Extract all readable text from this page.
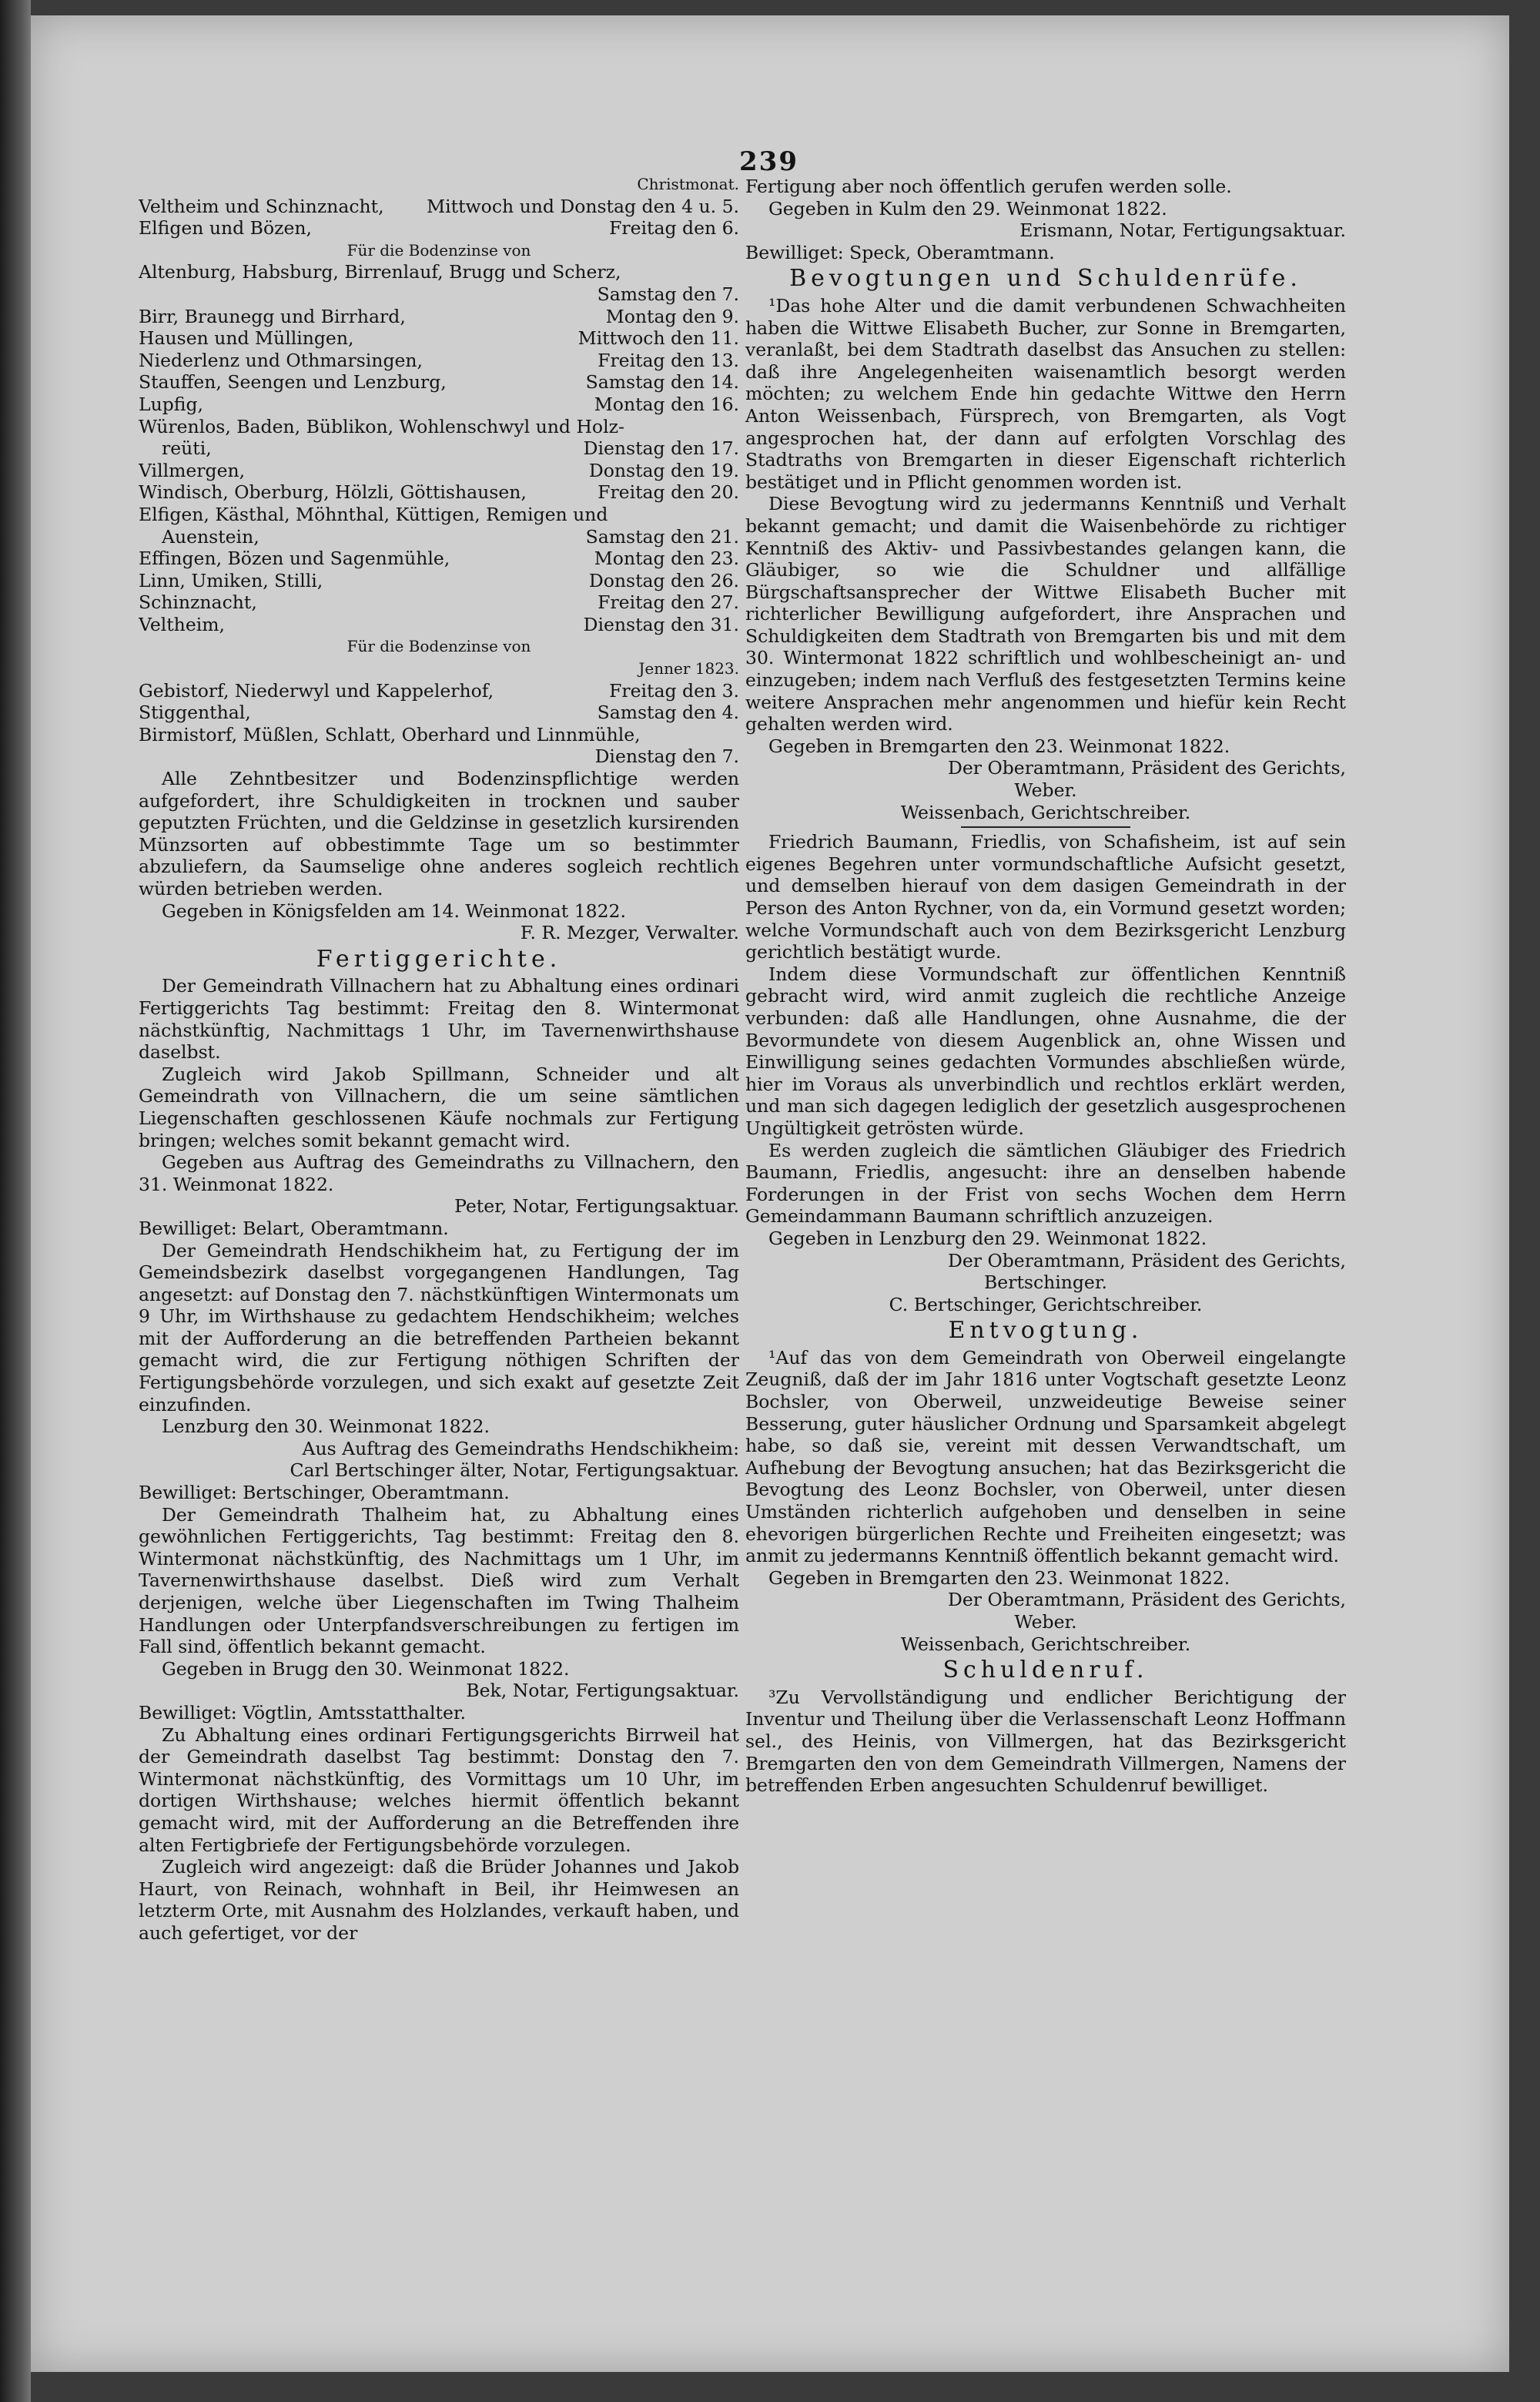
239
Christmonat.
Veltheim und Schinznacht, Mittwoch und Donstag den 4 u. 5.
Elfigen und Bözen,	Freitag den 6.
Für die Bodenzinse von
Altenburg, Habsburg, Birrenlauf, Brugg und Scherz,
Samstag den 7.
Birr, Braunegg und Birrhard,	Montag den 9.
Hausen und Müllingen,	Mittwoch den 11.
Niederlenz und Othmarsingen,	Freitag den 13.
Stauffen, Seengen und Lenzburg,	Samstag den 14.
Lupfig,	Montag den 16.
Würenlos, Baden, Büblikon, Wohlenschwyl und Holz-
reüti,	Dienstag den 17.
Villmergen,	Donstag den 19.
Windisch, Oberburg, Hölzli, Göttishausen,	Freitag den 20.
Elfigen, Kästhal, Möhnthal, Küttigen, Remigen und
Auenstein,	Samstag den 21.
Effingen, Bözen und Sagenmühle,	Montag den 23.
Linn, Umiken, Stilli,	Donstag den 26.
Schinznacht,	Freitag den 27.
Veltheim,	Dienstag den 31.
Für die Bodenzinse von
Jenner 1823.
Gebistorf, Niederwyl und Kappelerhof,	Freitag den 3.
Stiggenthal,	Samstag den 4.
Birmistorf, Müßlen, Schlatt, Oberhard und Linnmühle,
Dienstag den 7.

Alle Zehntbesitzer und Bodenzinspflichtige werden aufgefordert, ihre Schuldigkeiten in trocknen und sauber geputzten Früchten, und die Geldzinse in gesetzlich kursirenden Münzsorten auf obbestimmte Tage um so bestimmter abzuliefern, da Saumselige ohne anderes sogleich rechtlich würden betrieben werden.

Gegeben in Königsfelden am 14. Weinmonat 1822.

F. R. Mezger, Verwalter.
Fertiggerichte.

Der Gemeindrath Villnachern hat zu Abhaltung eines ordinari Fertiggerichts Tag bestimmt: Freitag den 8. Wintermonat nächstkünftig, Nachmittags 1 Uhr, im Tavernenwirthshause daselbst.

Zugleich wird Jakob Spillmann, Schneider und alt Gemeindrath von Villnachern, die um seine sämtlichen Liegenschaften geschlossenen Käufe nochmals zur Fertigung bringen; welches somit bekannt gemacht wird.

Gegeben aus Auftrag des Gemeindraths zu Villnachern, den 31. Weinmonat 1822.

Peter, Notar, Fertigungsaktuar.
Bewilliget: Belart, Oberamtmann.

Der Gemeindrath Hendschikheim hat, zu Fertigung der im Gemeindsbezirk daselbst vorgegangenen Handlungen, Tag angesetzt: auf Donstag den 7. nächstkünftigen Wintermonats um 9 Uhr, im Wirthshause zu gedachtem Hendschikheim; welches mit der Aufforderung an die betreffenden Partheien bekannt gemacht wird, die zur Fertigung nöthigen Schriften der Fertigungsbehörde vorzulegen, und sich exakt auf gesetzte Zeit einzufinden.

Lenzburg den 30. Weinmonat 1822.

Aus Auftrag des Gemeindraths Hendschikheim:
Carl Bertschinger älter, Notar, Fertigungsaktuar.
Bewilliget: Bertschinger, Oberamtmann.

Der Gemeindrath Thalheim hat, zu Abhaltung eines gewöhnlichen Fertiggerichts, Tag bestimmt: Freitag den 8. Wintermonat nächstkünftig, des Nachmittags um 1 Uhr, im Tavernenwirthshause daselbst. Dieß wird zum Verhalt derjenigen, welche über Liegenschaften im Twing Thalheim Handlungen oder Unterpfandsverschreibungen zu fertigen im Fall sind, öffentlich bekannt gemacht.

Gegeben in Brugg den 30. Weinmonat 1822.

Bek, Notar, Fertigungsaktuar.
Bewilliget: Vögtlin, Amtsstatthalter.

Zu Abhaltung eines ordinari Fertigungsgerichts Birrweil hat der Gemeindrath daselbst Tag bestimmt: Donstag den 7. Wintermonat nächstkünftig, des Vormittags um 10 Uhr, im dortigen Wirthshause; welches hiermit öffentlich bekannt gemacht wird, mit der Aufforderung an die Betreffenden ihre alten Fertigbriefe der Fertigungsbehörde vorzulegen.

Zugleich wird angezeigt: daß die Brüder Johannes und Jakob Haurt, von Reinach, wohnhaft in Beil, ihr Heimwesen an letzterm Orte, mit Ausnahm des Holzlandes, verkauft haben, und auch gefertiget, vor der

Fertigung aber noch öffentlich gerufen werden solle.

Gegeben in Kulm den 29. Weinmonat 1822.

Erismann, Notar, Fertigungsaktuar.
Bewilliget: Speck, Oberamtmann.
Bevogtungen und Schuldenrüfe.

¹Das hohe Alter und die damit verbundenen Schwachheiten haben die Wittwe Elisabeth Bucher, zur Sonne in Bremgarten, veranlaßt, bei dem Stadtrath daselbst das Ansuchen zu stellen: daß ihre Angelegenheiten waisenamtlich besorgt werden möchten; zu welchem Ende hin gedachte Wittwe den Herrn Anton Weissenbach, Fürsprech, von Bremgarten, als Vogt angesprochen hat, der dann auf erfolgten Vorschlag des Stadtraths von Bremgarten in dieser Eigenschaft richterlich bestätiget und in Pflicht genommen worden ist.

Diese Bevogtung wird zu jedermanns Kenntniß und Verhalt bekannt gemacht; und damit die Waisenbehörde zu richtiger Kenntniß des Aktiv- und Passivbestandes gelangen kann, die Gläubiger, so wie die Schuldner und allfällige Bürgschaftsansprecher der Wittwe Elisabeth Bucher mit richterlicher Bewilligung aufgefordert, ihre Ansprachen und Schuldigkeiten dem Stadtrath von Bremgarten bis und mit dem 30. Wintermonat 1822 schriftlich und wohlbescheinigt an- und einzugeben; indem nach Verfluß des festgesetzten Termins keine weitere Ansprachen mehr angenommen und hiefür kein Recht gehalten werden wird.

Gegeben in Bremgarten den 23. Weinmonat 1822.

Der Oberamtmann, Präsident des Gerichts,
Weber.
Weissenbach, Gerichtschreiber.

Friedrich Baumann, Friedlis, von Schafisheim, ist auf sein eigenes Begehren unter vormundschaftliche Aufsicht gesetzt, und demselben hierauf von dem dasigen Gemeindrath in der Person des Anton Rychner, von da, ein Vormund gesetzt worden; welche Vormundschaft auch von dem Bezirksgericht Lenzburg gerichtlich bestätigt wurde.

Indem diese Vormundschaft zur öffentlichen Kenntniß gebracht wird, wird anmit zugleich die rechtliche Anzeige verbunden: daß alle Handlungen, ohne Ausnahme, die der Bevormundete von diesem Augenblick an, ohne Wissen und Einwilligung seines gedachten Vormundes abschließen würde, hier im Voraus als unverbindlich und rechtlos erklärt werden, und man sich dagegen lediglich der gesetzlich ausgesprochenen Ungültigkeit getrösten würde.

Es werden zugleich die sämtlichen Gläubiger des Friedrich Baumann, Friedlis, angesucht: ihre an denselben habende Forderungen in der Frist von sechs Wochen dem Herrn Gemeindammann Baumann schriftlich anzuzeigen.

Gegeben in Lenzburg den 29. Weinmonat 1822.

Der Oberamtmann, Präsident des Gerichts,
Bertschinger.
C. Bertschinger, Gerichtschreiber.
Entvogtung.

¹Auf das von dem Gemeindrath von Oberweil eingelangte Zeugniß, daß der im Jahr 1816 unter Vogtschaft gesetzte Leonz Bochsler, von Oberweil, unzweideutige Beweise seiner Besserung, guter häuslicher Ordnung und Sparsamkeit abgelegt habe, so daß sie, vereint mit dessen Verwandtschaft, um Aufhebung der Bevogtung ansuchen; hat das Bezirksgericht die Bevogtung des Leonz Bochsler, von Oberweil, unter diesen Umständen richterlich aufgehoben und denselben in seine ehevorigen bürgerlichen Rechte und Freiheiten eingesetzt; was anmit zu jedermanns Kenntniß öffentlich bekannt gemacht wird.

Gegeben in Bremgarten den 23. Weinmonat 1822.

Der Oberamtmann, Präsident des Gerichts,
Weber.
Weissenbach, Gerichtschreiber.
Schuldenruf.

³Zu Vervollständigung und endlicher Berichtigung der Inventur und Theilung über die Verlassenschaft Leonz Hoffmann sel., des Heinis, von Villmergen, hat das Bezirksgericht Bremgarten den von dem Gemeindrath Villmergen, Namens der betreffenden Erben angesuchten Schuldenruf bewilliget.
